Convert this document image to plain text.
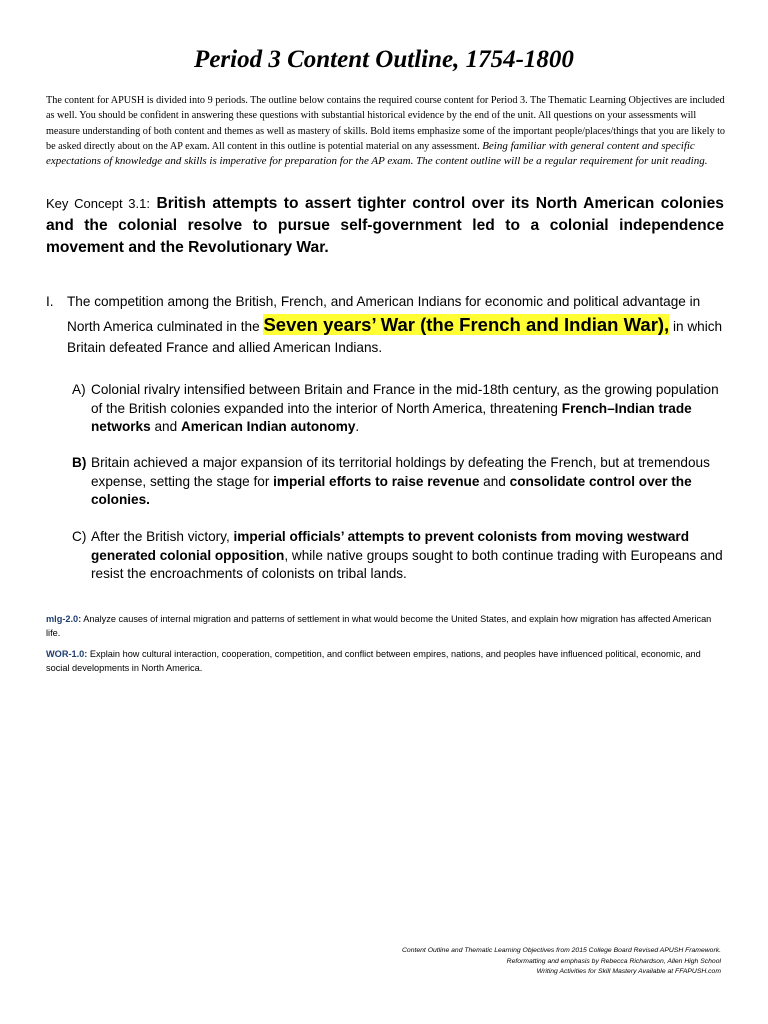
Period 3 Content Outline, 1754-1800

The content for APUSH is divided into 9 periods. The outline below contains the required course content for Period 3. The Thematic Learning Objectives are included as well. You should be confident in answering these questions with substantial historical evidence by the end of the unit. All questions on your assessments will measure understanding of both content and themes as well as mastery of skills. Bold items emphasize some of the important people/places/things that you are likely to be asked directly about on the AP exam. All content in this outline is potential material on any assessment. Being familiar with general content and specific expectations of knowledge and skills is imperative for preparation for the AP exam. The content outline will be a regular requirement for unit reading.

Key Concept 3.1: British attempts to assert tighter control over its North American colonies and the colonial resolve to pursue self-government led to a colonial independence movement and the Revolutionary War.

I. The competition among the British, French, and American Indians for economic and political advantage in North America culminated in the Seven years’ War (the French and Indian War), in which Britain defeated France and allied American Indians.
A) Colonial rivalry intensified between Britain and France in the mid-18th century, as the growing population of the British colonies expanded into the interior of North America, threatening French–Indian trade networks and American Indian autonomy.
B) Britain achieved a major expansion of its territorial holdings by defeating the French, but at tremendous expense, setting the stage for imperial efforts to raise revenue and consolidate control over the colonies.
C) After the British victory, imperial officials’ attempts to prevent colonists from moving westward generated colonial opposition, while native groups sought to both continue trading with Europeans and resist the encroachments of colonists on tribal lands.

mlg-2.0: Analyze causes of internal migration and patterns of settlement in what would become the United States, and explain how migration has affected American life.

WOR-1.0: Explain how cultural interaction, cooperation, competition, and conflict between empires, nations, and peoples have influenced political, economic, and social developments in North America.

Content Outline and Thematic Learning Objectives from 2015 College Board Revised APUSH Framework.
Reformatting and emphasis by Rebecca Richardson, Allen High School
Writing Activities for Skill Mastery Available at FFAPUSH.com
